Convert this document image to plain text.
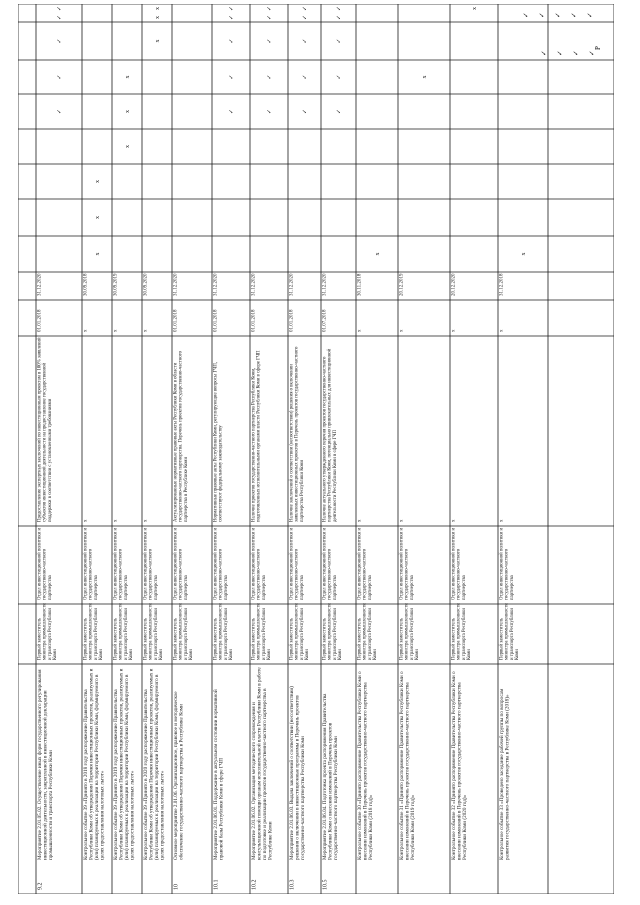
✓ ✓ ✓ ✓ ✓
✓ ✓ ✓ ✓
P
9.2
Мероприятие 2.01.05.02. Осуществление иных форм государственного регулированияинвестиционной деятельности, закрепленной в инвестиционной декларациипромышленности и транспорта Республики Коми
Первый заместительминистра промышленностии транспорта РеспубликиКоми
Отдел инвестиционной политики игосударственно-частногопартнерства
Предоставление экспертных заключений по инвестиционным проектам в 100% заявленийсубъектов инвестиционной деятельности на предоставление государственнойподдержки в соответствии с установленными требованиями
01.01.2018
31.12.2020
✓
✓
✓
✓
✓
Контрольное событие 39 «Принято в 2018 году распоряжение ПравительстваРеспублики Коми об утверждении Перечня инвестиционных проектов, реализуемых и(или) планируемых к реализации на территории Республики Коми, формируемого вцелях предоставления налоговых льгот»
Первый заместительминистра промышленностии транспорта РеспубликиКоми
Отдел инвестиционной политики игосударственно-частногопартнерства
x
x
30.09.2018
x
x
x
Контрольное событие 39 «Принято в 2019 году распоряжение ПравительстваРеспублики Коми об утверждении Перечня инвестиционных проектов, реализуемых и(или) планируемых к реализации на территории Республики Коми, формируемого вцелях предоставления налоговых льгот»
Первый заместительминистра промышленностии транспорта РеспубликиКоми
Отдел инвестиционной политики игосударственно-частногопартнерства
x
x
30.09.2019
x
x
x
Контрольное событие 39 «Принято в 2020 году распоряжение ПравительстваРеспублики Коми об утверждении Перечня инвестиционных проектов, реализуемых и(или) планируемых к реализации на территории Республики Коми, формируемого вцелях предоставления налоговых льгот»
Первый заместительминистра промышленностии транспорта РеспубликиКоми
Отдел инвестиционной политики игосударственно-частногопартнерства
x
x
30.09.2020
x
x
x
10
Основное мероприятие 2.01.06. Организационное, правовое и методическоеобеспечение государственно-частного партнерства в Республике Коми
Первый заместительминистра промышленностии транспорта РеспубликиКоми
Отдел инвестиционной политики игосударственно-частногопартнерства
Актуализированные нормативные правовые акты Республики Коми в областигосударственно-частного партнерства. Перечень проектов государственно-частногопартнерства в Республике Коми
01.01.2018
31.12.2020
10.1
Мероприятие 2.01.06.01. Поддержание в актуальном состоянии нормативнойправовой базы Республики Коми в сфере ГЧП
Первый заместительминистра промышленностии транспорта РеспубликиКоми
Отдел инвестиционной политики игосударственно-частногопартнерства
Нормативные правовые акты Республики Коми, регулирующие вопросы ГЧП,соответствуют федеральному законодательству
01.01.2018
31.12.2020
✓
✓
✓
✓
✓
10.2
Мероприятие 2.01.06.02. Организация методического сопровождения иконсультационной помощи органам исполнительной власти Республики Коми в работепо подготовке и реализации проектов государственно-частного партнерства вРеспублике Коми
Первый заместительминистра промышленностии транспорта РеспубликиКоми
Отдел инвестиционной политики игосударственно-частногопартнерства
Наличие проектов государственно-частного партнерства Республики Коми,подготовленных исполнительными органами власти Республики Коми в сфере ГЧП
01.01.2018
31.12.2020
✓
✓
✓
✓
✓
10.3
Мероприятие 2.01.06.03. Выдача заключений о соответствии (несоответствии)решения о включении в инвестиционные программы в Перечень проектовгосударственно-частного партнерства Республики Коми
Первый заместительминистра промышленностии транспорта РеспубликиКоми
Отдел инвестиционной политики игосударственно-частногопартнерства
Наличие заключений о соответствии (несоответствии) решения о включениизаявленных инвестиционных проектов в Перечень проектов государственно-частногопартнерства Республики Коми
01.01.2018
31.12.2020
✓
✓
✓
✓
✓
10.5
Мероприятие 2.01.06.04. Подготовка проекта распоряжения ПравительстваРеспублики Коми о внесении изменений в Перечень проектовгосударственно-частного партнерства Республики Коми
Первый заместительминистра промышленностии транспорта РеспубликиКоми
Отдел инвестиционной политики игосударственно-частногопартнерства
Наличие актуального утвержденного перечня проектов государственно-частногопартнерства Республики Коми, потенциально привлекательных для инвестиционнойдеятельности Республики Коми в сфере ГЧП
01.07.2018
31.12.2020
✓
✓
✓
✓
✓
Контрольное событие 30 «Принято распоряжение Правительства Республики Коми овнесении изменений в Перечень проектов государственно-частного партнерстваРеспублики Коми (2018 год)»
Первый заместительминистра промышленностии транспорта РеспубликиКоми
Отдел инвестиционной политики игосударственно-частногопартнерства
x
x
30.11.2018
x
Контрольное событие 31 «Принято распоряжение Правительства Республики Коми овнесении изменений в Перечень проектов государственно-частного партнерстваРеспублики Коми (2019 год)»
Первый заместительминистра промышленностии транспорта РеспубликиКоми
Отдел инвестиционной политики игосударственно-частногопартнерства
x
x
20.12.2019
x
Контрольное событие 32 «Принято распоряжение Правительства Республики Коми овнесении изменений в Перечень проектов государственно-частного партнерстваРеспублики Коми (2020 год)»
Первый заместительминистра промышленностии транспорта РеспубликиКоми
Отдел инвестиционной политики игосударственно-частногопартнерства
x
x
20.12.2020
x
Контрольное событие 33 «Проведено заседание рабочей группы по вопросамразвития государственно-частного партнерства в Республике Коми (2018)»
Первый заместительминистра промышленностии транспорта РеспубликиКоми
Отдел инвестиционной политики игосударственно-частногопартнерства
x
x
31.12.2018
x
